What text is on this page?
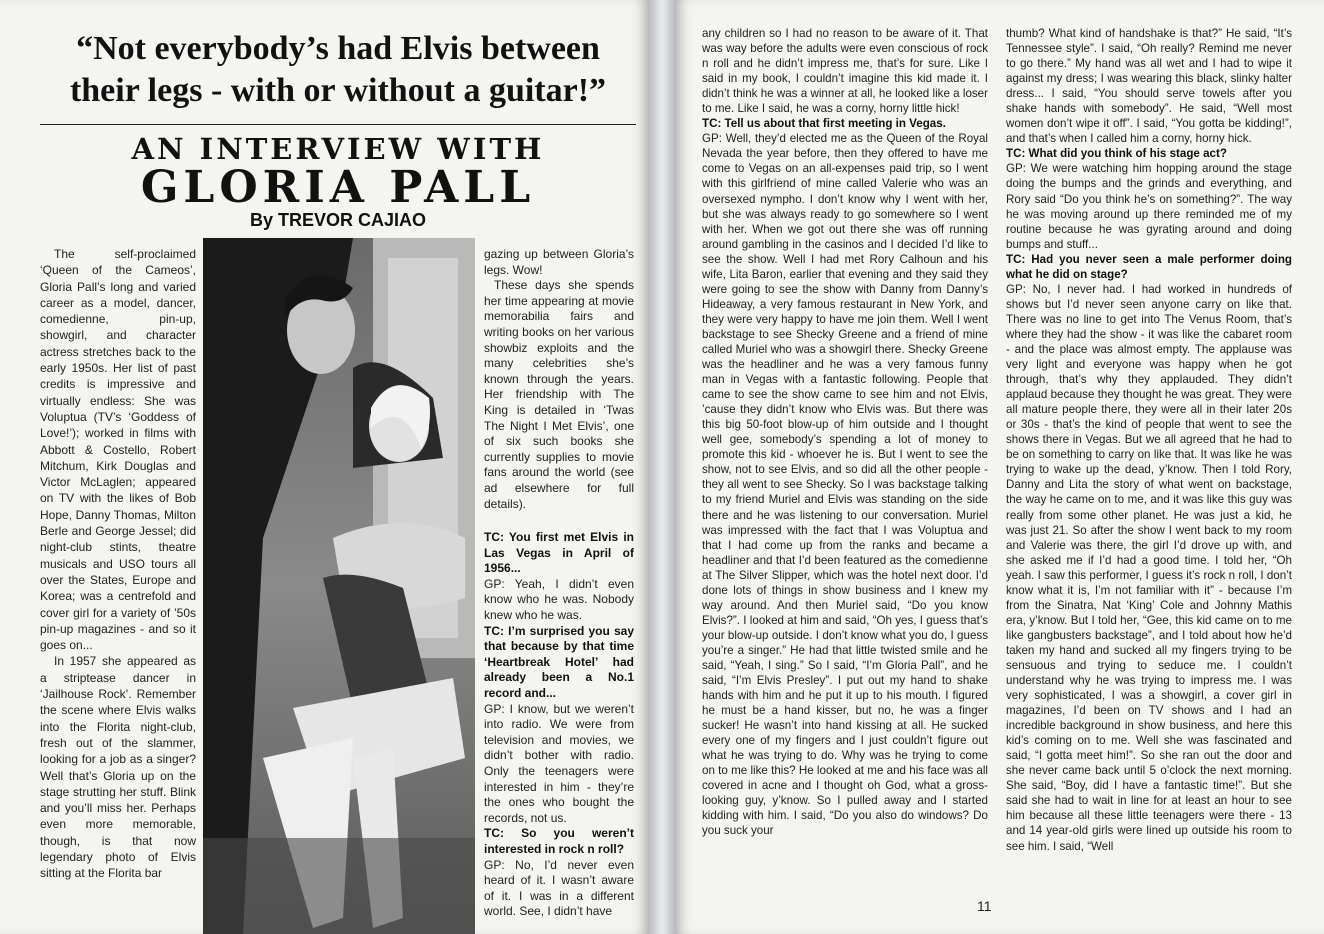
“Not everybody’s had Elvis between
their legs - with or without a guitar!”
AN INTERVIEW WITH
GLORIA PALL
By TREVOR CAJIAO

The self-proclaimed ‘Queen of the Cameos’, Gloria Pall’s long and varied career as a model, dancer, comedienne, pin-up, showgirl, and character actress stretches back to the early 1950s. Her list of past credits is impressive and virtually endless: She was Voluptua (TV’s ‘Goddess of Love!’); worked in films with Abbott & Costello, Robert Mitchum, Kirk Douglas and Victor McLaglen; appeared on TV with the likes of Bob Hope, Danny Thomas, Milton Berle and George Jessel; did night-club stints, theatre musicals and USO tours all over the States, Europe and Korea; was a centrefold and cover girl for a variety of ’50s pin-up magazines - and so it goes on...

In 1957 she appeared as a striptease dancer in ‘Jailhouse Rock’. Remember the scene where Elvis walks into the Florita night-club, fresh out of the slammer, looking for a job as a singer? Well that’s Gloria up on the stage strutting her stuff. Blink and you’ll miss her. Perhaps even more memorable, though, is that now legendary photo of Elvis sitting at the Florita bar

gazing up between Gloria’s legs. Wow!

These days she spends her time appearing at movie memorabilia fairs and writing books on her various showbiz exploits and the many celebrities she’s known through the years. Her friendship with The King is detailed in ‘Twas The Night I Met Elvis’, one of six such books she currently supplies to movie fans around the world (see ad elsewhere for full details).

TC: You first met Elvis in Las Vegas in April of 1956...

GP: Yeah, I didn’t even know who he was. Nobody knew who he was.

TC: I’m surprised you say that because by that time ‘Heartbreak Hotel’ had already been a No.1 record and...

GP: I know, but we weren’t into radio. We were from television and movies, we didn’t bother with radio. Only the teenagers were interested in him - they’re the ones who bought the records, not us.

TC: So you weren’t interested in rock n roll?

GP: No, I’d never even heard of it. I wasn’t aware of it. I was in a different world. See, I didn’t have

any children so I had no reason to be aware of it. That was way before the adults were even conscious of rock n roll and he didn’t impress me, that’s for sure. Like I said in my book, I couldn’t imagine this kid made it. I didn’t think he was a winner at all, he looked like a loser to me. Like I said, he was a corny, horny little hick!

TC: Tell us about that first meeting in Vegas.

GP: Well, they’d elected me as the Queen of the Royal Nevada the year before, then they offered to have me come to Vegas on an all-expenses paid trip, so I went with this girlfriend of mine called Valerie who was an oversexed nympho. I don’t know why I went with her, but she was always ready to go somewhere so I went with her. When we got out there she was off running around gambling in the casinos and I decided I’d like to see the show. Well I had met Rory Calhoun and his wife, Lita Baron, earlier that evening and they said they were going to see the show with Danny from Danny’s Hideaway, a very famous restaurant in New York, and they were very happy to have me join them. Well I went backstage to see Shecky Greene and a friend of mine called Muriel who was a showgirl there. Shecky Greene was the headliner and he was a very famous funny man in Vegas with a fantastic following. People that came to see the show came to see him and not Elvis, ’cause they didn’t know who Elvis was. But there was this big 50-foot blow-up of him outside and I thought well gee, somebody’s spending a lot of money to promote this kid - whoever he is. But I went to see the show, not to see Elvis, and so did all the other people - they all went to see Shecky. So I was backstage talking to my friend Muriel and Elvis was standing on the side there and he was listening to our conversation. Muriel was impressed with the fact that I was Voluptua and that I had come up from the ranks and became a headliner and that I’d been featured as the comedienne at The Silver Slipper, which was the hotel next door. I’d done lots of things in show business and I knew my way around. And then Muriel said, “Do you know Elvis?”. I looked at him and said, “Oh yes, I guess that’s your blow-up outside. I don’t know what you do, I guess you’re a singer.” He had that little twisted smile and he said, “Yeah, I sing.” So I said, “I’m Gloria Pall”, and he said, “I’m Elvis Presley”. I put out my hand to shake hands with him and he put it up to his mouth. I figured he must be a hand kisser, but no, he was a finger sucker! He wasn’t into hand kissing at all. He sucked every one of my fingers and I just couldn’t figure out what he was trying to do. Why was he trying to come on to me like this? He looked at me and his face was all covered in acne and I thought oh God, what a gross-looking guy, y’know. So I pulled away and I started kidding with him. I said, “Do you also do windows? Do you suck your

thumb? What kind of handshake is that?” He said, “It’s Tennessee style”. I said, “Oh really? Remind me never to go there.” My hand was all wet and I had to wipe it against my dress; I was wearing this black, slinky halter dress... I said, “You should serve towels after you shake hands with somebody”. He said, “Well most women don’t wipe it off”. I said, “You gotta be kidding!”, and that’s when I called him a corny, horny hick.

TC: What did you think of his stage act?

GP: We were watching him hopping around the stage doing the bumps and the grinds and everything, and Rory said “Do you think he’s on something?”. The way he was moving around up there reminded me of my routine because he was gyrating around and doing bumps and stuff...

TC: Had you never seen a male performer doing what he did on stage?

GP: No, I never had. I had worked in hundreds of shows but I’d never seen anyone carry on like that. There was no line to get into The Venus Room, that’s where they had the show - it was like the cabaret room - and the place was almost empty. The applause was very light and everyone was happy when he got through, that’s why they applauded. They didn’t applaud because they thought he was great. They were all mature people there, they were all in their later 20s or 30s - that’s the kind of people that went to see the shows there in Vegas. But we all agreed that he had to be on something to carry on like that. It was like he was trying to wake up the dead, y’know. Then I told Rory, Danny and Lita the story of what went on backstage, the way he came on to me, and it was like this guy was really from some other planet. He was just a kid, he was just 21. So after the show I went back to my room and Valerie was there, the girl I’d drove up with, and she asked me if I’d had a good time. I told her, “Oh yeah. I saw this performer, I guess it’s rock n roll, I don’t know what it is, I’m not familiar with it” - because I’m from the Sinatra, Nat ‘King’ Cole and Johnny Mathis era, y’know. But I told her, “Gee, this kid came on to me like gangbusters backstage”, and I told about how he’d taken my hand and sucked all my fingers trying to be sensuous and trying to seduce me. I couldn’t understand why he was trying to impress me. I was very sophisticated, I was a showgirl, a cover girl in magazines, I’d been on TV shows and I had an incredible background in show business, and here this kid’s coming on to me. Well she was fascinated and said, “I gotta meet him!”. So she ran out the door and she never came back until 5 o’clock the next morning. She said, “Boy, did I have a fantastic time!”. But she said she had to wait in line for at least an hour to see him because all these little teenagers were there - 13 and 14 year-old girls were lined up outside his room to see him. I said, “Well

11
